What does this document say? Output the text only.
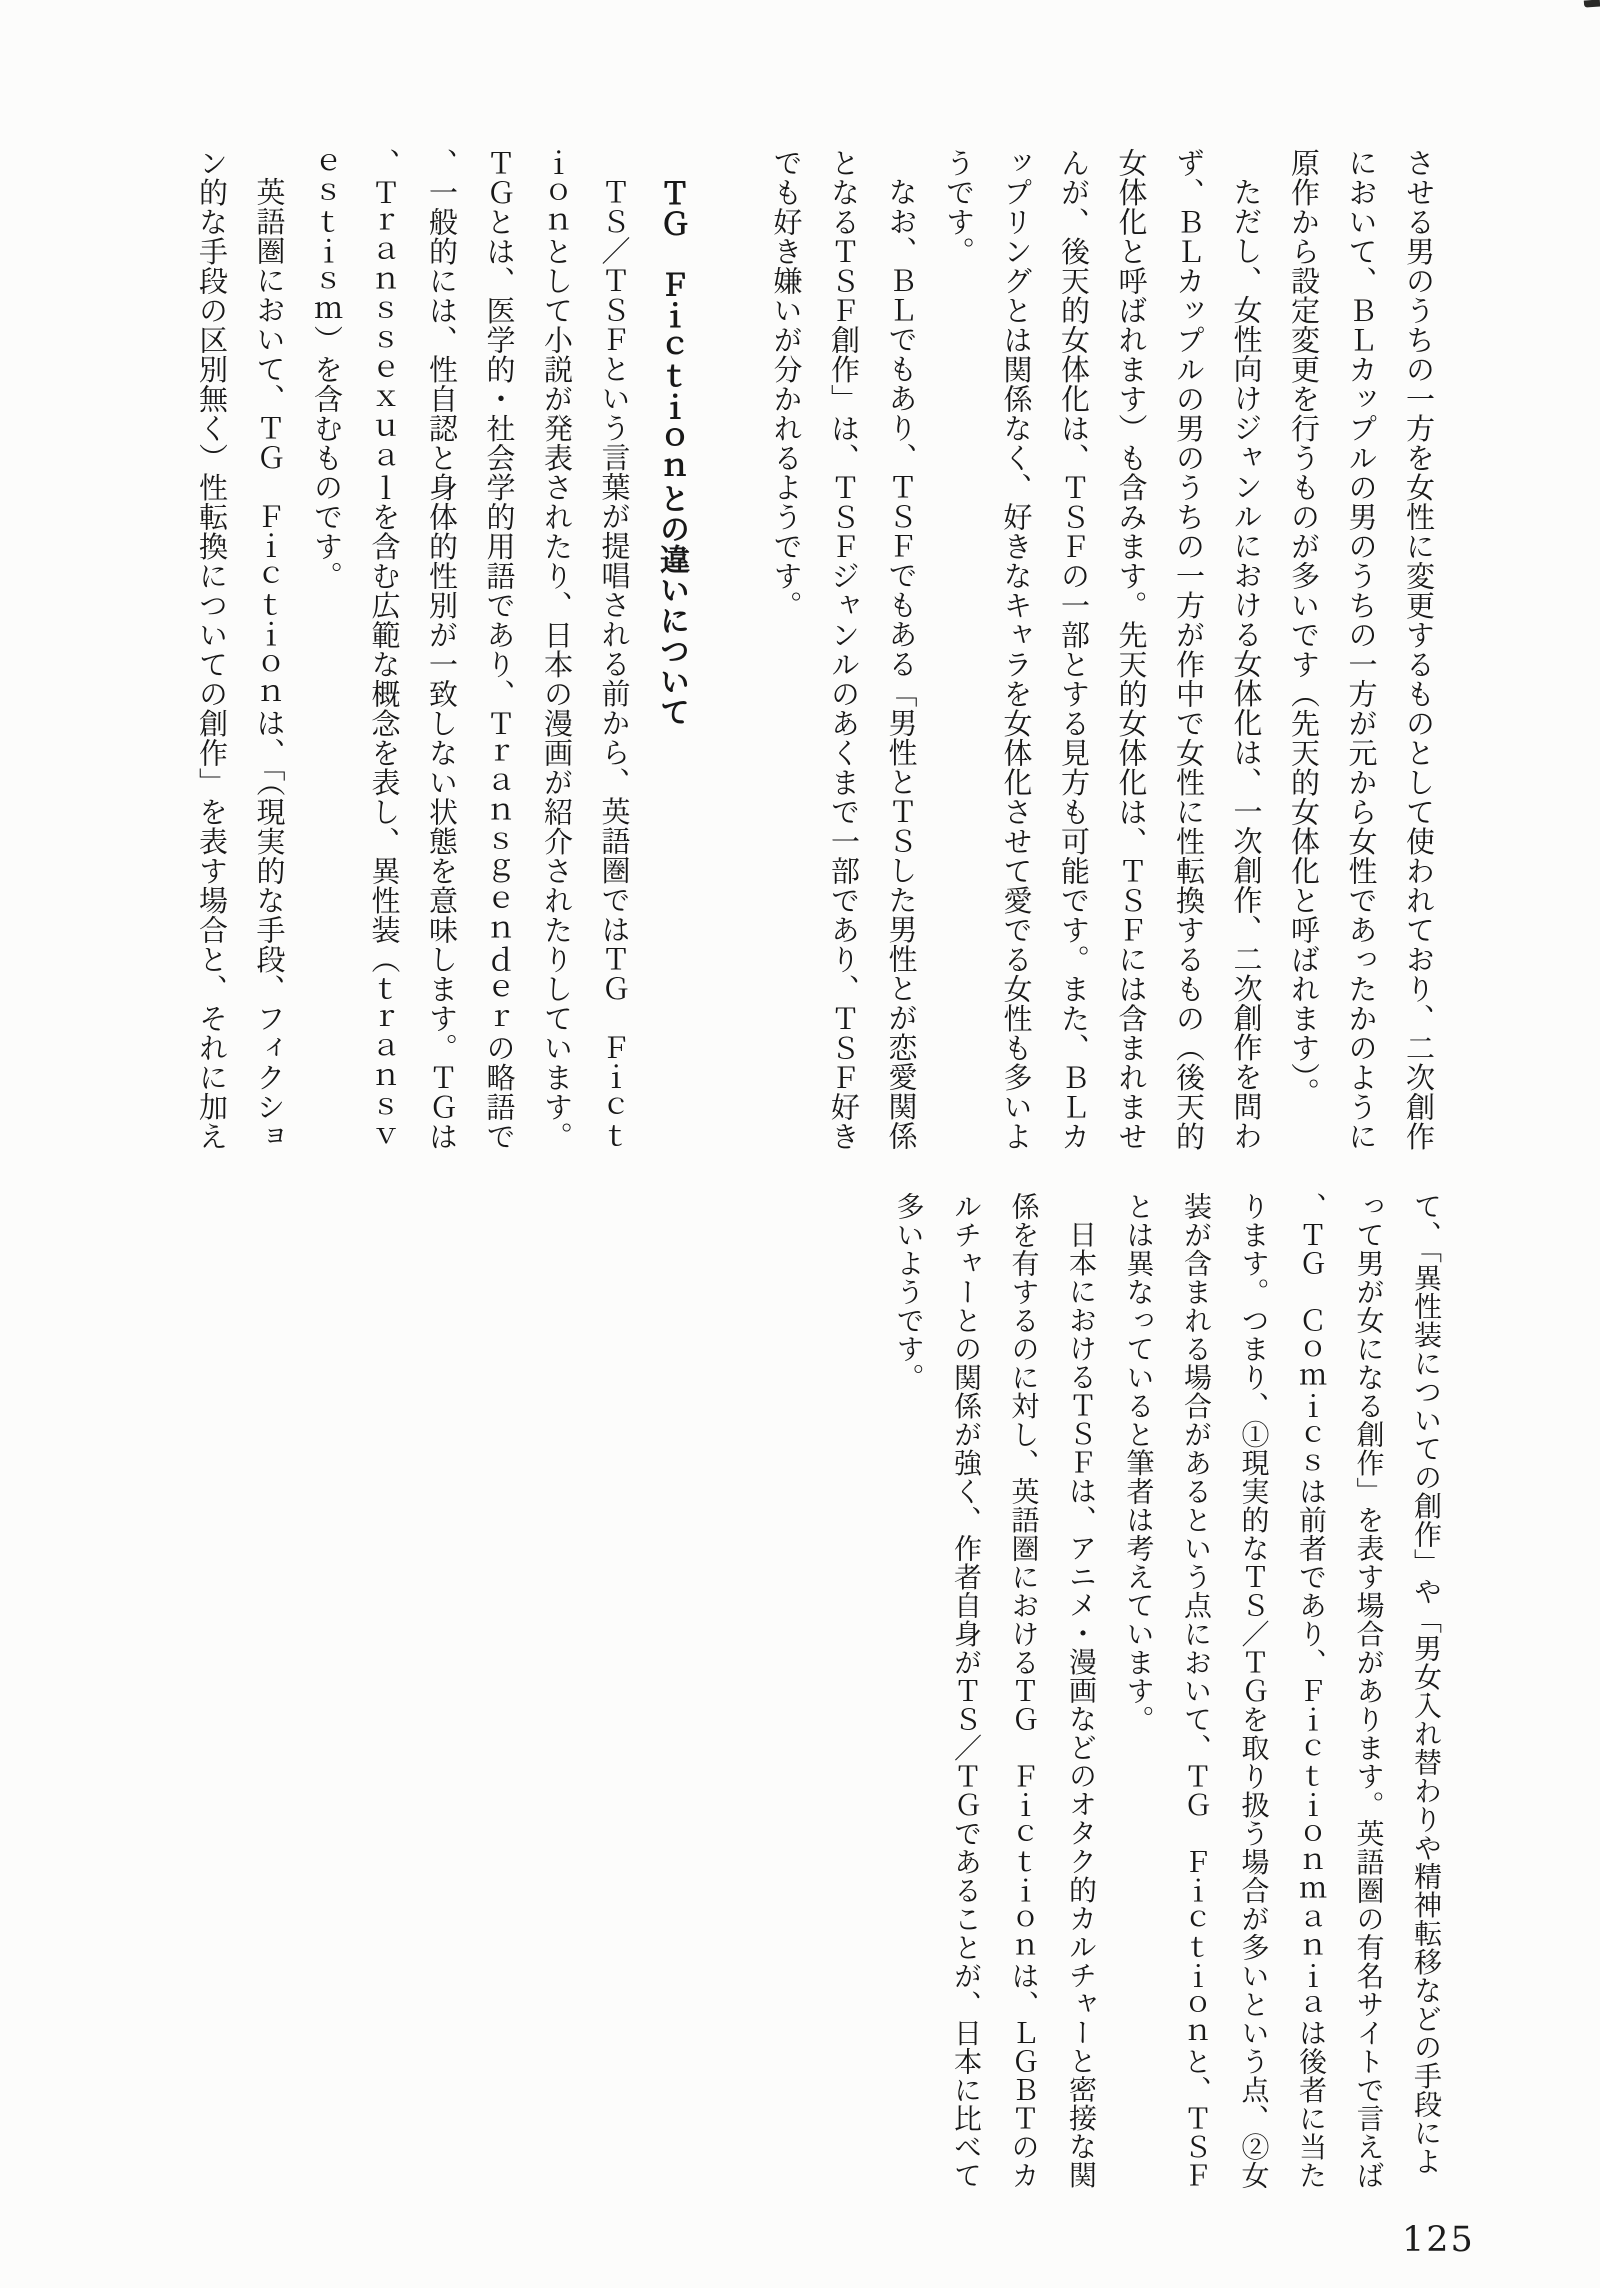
させる男のうちの一方を女性に変更するものとして使われており、二次創作において、ＢＬカップルの男のうちの一方が元から女性であったかのように原作から設定変更を行うものが多いです（先天的女体化と呼ばれます）。

ただし、女性向けジャンルにおける女体化は、一次創作、二次創作を問わず、ＢＬカップルの男のうちの一方が作中で女性に性転換するもの（後天的女体化と呼ばれます）も含みます。先天的女体化は、ＴＳＦには含まれませんが、後天的女体化は、ＴＳＦの一部とする見方も可能です。また、ＢＬカップリングとは関係なく、好きなキャラを女体化させて愛でる女性も多いようです。

なお、ＢＬでもあり、ＴＳＦでもある「男性とＴＳした男性とが恋愛関係となるＴＳＦ創作」は、ＴＳＦジャンルのあくまで一部であり、ＴＳＦ好きでも好き嫌いが分かれるようです。

ＴＧ　Ｆｉｃｔｉｏｎとの違いについて

ＴＳ／ＴＳＦという言葉が提唱される前から、英語圏ではＴＧ　Ｆｉｃｔｉｏｎとして小説が発表されたり、日本の漫画が紹介されたりしています。

ＴＧとは、医学的・社会学的用語であり、Ｔｒａｎｓｇｅｎｄｅｒの略語で、一般的には、性自認と身体的性別が一致しない状態を意味します。ＴＧは、Ｔｒａｎｓｓｅｘｕａｌを含む広範な概念を表し、異性装（ｔｒａｎｓｖｅｓｔｉｓｍ）を含むものです。

英語圏において、ＴＧ　Ｆｉｃｔｉｏｎは、「（現実的な手段、フィクション的な手段の区別無く）性転換についての創作」を表す場合と、それに加え

て、「異性装についての創作」や「男女入れ替わりや精神転移などの手段によって男が女になる創作」を表す場合があります。英語圏の有名サイトで言えば、ＴＧ　Ｃｏｍｉｃｓは前者であり、Ｆｉｃｔｉｏｎｍａｎｉａは後者に当たります。つまり、①現実的なＴＳ／ＴＧを取り扱う場合が多いという点、②女装が含まれる場合があるという点において、ＴＧ　Ｆｉｃｔｉｏｎと、ＴＳＦとは異なっていると筆者は考えています。

日本におけるＴＳＦは、アニメ・漫画などのオタク的カルチャーと密接な関係を有するのに対し、英語圏におけるＴＧ　Ｆｉｃｔｉｏｎは、ＬＧＢＴのカルチャーとの関係が強く、作者自身がＴＳ／ＴＧであることが、日本に比べて多いようです。

125
